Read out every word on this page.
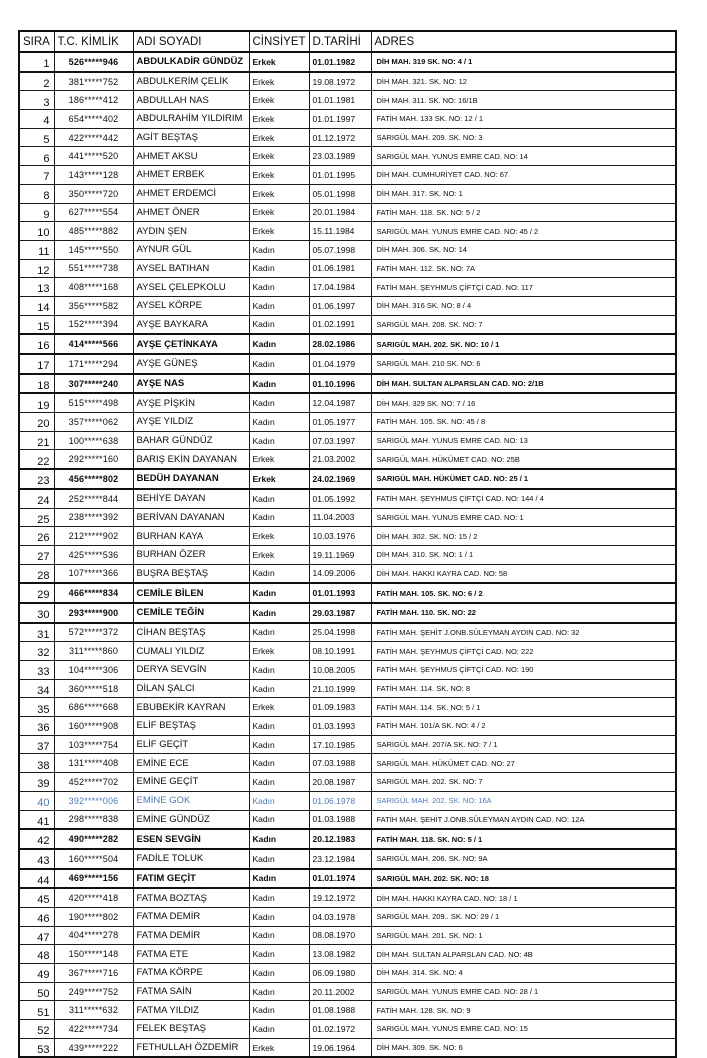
SIRA	T.C. KİMLİK	ADI SOYADI	CİNSİYET	D.TARİHİ	ADRES
1	526*****946	ABDULKADİR GÜNDÜZ	Erkek	01.01.1982	DİH MAH. 319 SK. NO: 4 / 1
2	381*****752	ABDULKERİM ÇELİK	Erkek	19.08.1972	DİH MAH. 321. SK. NO: 12
3	186*****412	ABDULLAH NAS	Erkek	01.01.1981	DİH MAH. 311. SK. NO: 16/1B
4	654*****402	ABDULRAHİM YILDIRIM	Erkek	01.01.1997	FATİH MAH. 133 SK. NO: 12 / 1
5	422*****442	AGİT BEŞTAŞ	Erkek	01.12.1972	SARIGÜL MAH. 209. SK. NO: 3
6	441*****520	AHMET AKSU	Erkek	23.03.1989	SARIGÜL MAH. YUNUS EMRE CAD. NO: 14
7	143*****128	AHMET ERBEK	Erkek	01.01.1995	DİH MAH. CUMHURİYET CAD. NO: 67
8	350*****720	AHMET ERDEMCİ	Erkek	05.01.1998	DİH MAH. 317. SK. NO: 1
9	627*****554	AHMET ÖNER	Erkek	20.01.1984	FATİH MAH. 118. SK. NO: 5 / 2
10	485*****882	AYDIN ŞEN	Erkek	15.11.1984	SARIGÜL MAH. YUNUS EMRE CAD. NO: 45 / 2
11	145*****550	AYNUR GÜL	Kadın	05.07.1998	DİH MAH. 306. SK. NO: 14
12	551*****738	AYSEL BATIHAN	Kadın	01.06.1981	FATİH MAH. 112. SK. NO: 7A
13	408*****168	AYSEL ÇELEPKOLU	Kadın	17.04.1984	FATİH MAH. ŞEYHMUS ÇİFTÇİ CAD. NO: 117
14	356*****582	AYSEL KÖRPE	Kadın	01.06.1997	DİH MAH. 316 SK. NO: 8 / 4
15	152*****394	AYŞE BAYKARA	Kadın	01.02.1991	SARIGÜL MAH. 208. SK. NO: 7
16	414*****566	AYŞE ÇETİNKAYA	Kadın	28.02.1986	SARIGÜL MAH. 202. SK. NO: 10 / 1
17	171*****294	AYŞE GÜNEŞ	Kadın	01.04.1979	SARIGÜL MAH. 210 SK. NO: 6
18	307*****240	AYŞE NAS	Kadın	01.10.1996	DİH MAH. SULTAN ALPARSLAN CAD. NO: 2/1B
19	515*****498	AYŞE PİŞKİN	Kadın	12.04.1987	DİH MAH. 329 SK. NO: 7 / 16
20	357*****062	AYŞE YILDIZ	Kadın	01.05.1977	FATİH MAH. 105. SK. NO: 45 / 8
21	100*****638	BAHAR GÜNDÜZ	Kadın	07.03.1997	SARIGÜL MAH. YUNUS EMRE CAD. NO: 13
22	292*****160	BARIŞ EKİN DAYANAN	Erkek	21.03.2002	SARIGÜL MAH. HÜKÜMET CAD. NO: 25B
23	456*****802	BEDÜH DAYANAN	Erkek	24.02.1969	SARIGÜL MAH. HÜKÜMET CAD. NO: 25 / 1
24	252*****844	BEHİYE DAYAN	Kadın	01.05.1992	FATİH MAH. ŞEYHMUS ÇİFTÇİ CAD. NO: 144 / 4
25	238*****392	BERİVAN DAYANAN	Kadın	11.04.2003	SARIGÜL MAH. YUNUS EMRE CAD. NO: 1
26	212*****902	BURHAN KAYA	Erkek	10.03.1976	DİH MAH. 302. SK. NO: 15 / 2
27	425*****536	BURHAN ÖZER	Erkek	19.11.1969	DİH MAH. 310. SK. NO: 1 / 1
28	107*****366	BUŞRA BEŞTAŞ	Kadın	14.09.2006	DİH MAH. HAKKI KAYRA CAD. NO: 58
29	466*****834	CEMİLE BİLEN	Kadın	01.01.1993	FATİH MAH. 105. SK. NO: 6 / 2
30	293*****900	CEMİLE TEĞİN	Kadın	29.03.1987	FATİH MAH. 110. SK. NO: 22
31	572*****372	CİHAN BEŞTAŞ	Kadın	25.04.1998	FATİH MAH. ŞEHİT J.ONB.SÜLEYMAN AYDIN CAD. NO: 32
32	311*****860	CUMALI YILDIZ	Erkek	08.10.1991	FATİH MAH. ŞEYHMUS ÇİFTÇİ CAD. NO: 222
33	104*****306	DERYA SEVGİN	Kadın	10.08.2005	FATİH MAH. ŞEYHMUS ÇİFTÇİ CAD. NO: 190
34	360*****518	DİLAN ŞALCI	Kadın	21.10.1999	FATİH MAH. 114. SK. NO: 8
35	686*****668	EBUBEKİR KAYRAN	Erkek	01.09.1983	FATİH MAH. 114. SK. NO: 5 / 1
36	160*****908	ELİF BEŞTAŞ	Kadın	01.03.1993	FATİH MAH. 101/A SK. NO: 4 / 2
37	103*****754	ELİF GEÇİT	Kadın	17.10.1985	SARIGÜL MAH. 207/A SK. NO: 7 / 1
38	131*****408	EMİNE ECE	Kadın	07.03.1988	SARIGÜL MAH. HÜKÜMET CAD. NO: 27
39	452*****702	EMİNE GEÇİT	Kadın	20.08.1987	SARIGÜL MAH. 202. SK. NO: 7
40	392*****006	EMİNE GOK	Kadın	01.06.1978	SARIGÜL MAH. 202. SK. NO: 16A
41	298*****838	EMİNE GÜNDÜZ	Kadın	01.03.1988	FATİH MAH. ŞEHİT J.ONB.SÜLEYMAN AYDIN CAD. NO: 12A
42	490*****282	ESEN SEVGİN	Kadın	20.12.1983	FATİH MAH. 118. SK. NO: 5 / 1
43	160*****504	FADİLE TOLUK	Kadın	23.12.1984	SARIGÜL MAH. 206. SK. NO: 9A
44	469*****156	FATIM GEÇİT	Kadın	01.01.1974	SARIGÜL MAH. 202. SK. NO: 18
45	420*****418	FATMA BOZTAŞ	Kadın	19.12.1972	DİH MAH. HAKKI KAYRA CAD. NO: 18 / 1
46	190*****802	FATMA DEMİR	Kadın	04.03.1978	SARIGÜL MAH. 209.. SK. NO: 29 / 1
47	404*****278	FATMA DEMİR	Kadın	08.08.1970	SARIGÜL MAH. 201. SK. NO: 1
48	150*****148	FATMA ETE	Kadın	13.08.1982	DİH MAH. SULTAN ALPARSLAN CAD. NO: 4B
49	367*****716	FATMA KÖRPE	Kadın	06.09.1980	DİH MAH. 314. SK. NO: 4
50	249*****752	FATMA SAİN	Kadın	20.11.2002	SARIGÜL MAH. YUNUS EMRE CAD. NO: 28 / 1
51	311*****632	FATMA YILDIZ	Kadın	01.08.1988	FATİH MAH. 128. SK. NO: 9
52	422*****734	FELEK BEŞTAŞ	Kadın	01.02.1972	SARIGÜL MAH. YUNUS EMRE CAD. NO: 15
53	439*****222	FETHULLAH ÖZDEMİR	Erkek	19.06.1964	DİH MAH. 309. SK. NO: 6
